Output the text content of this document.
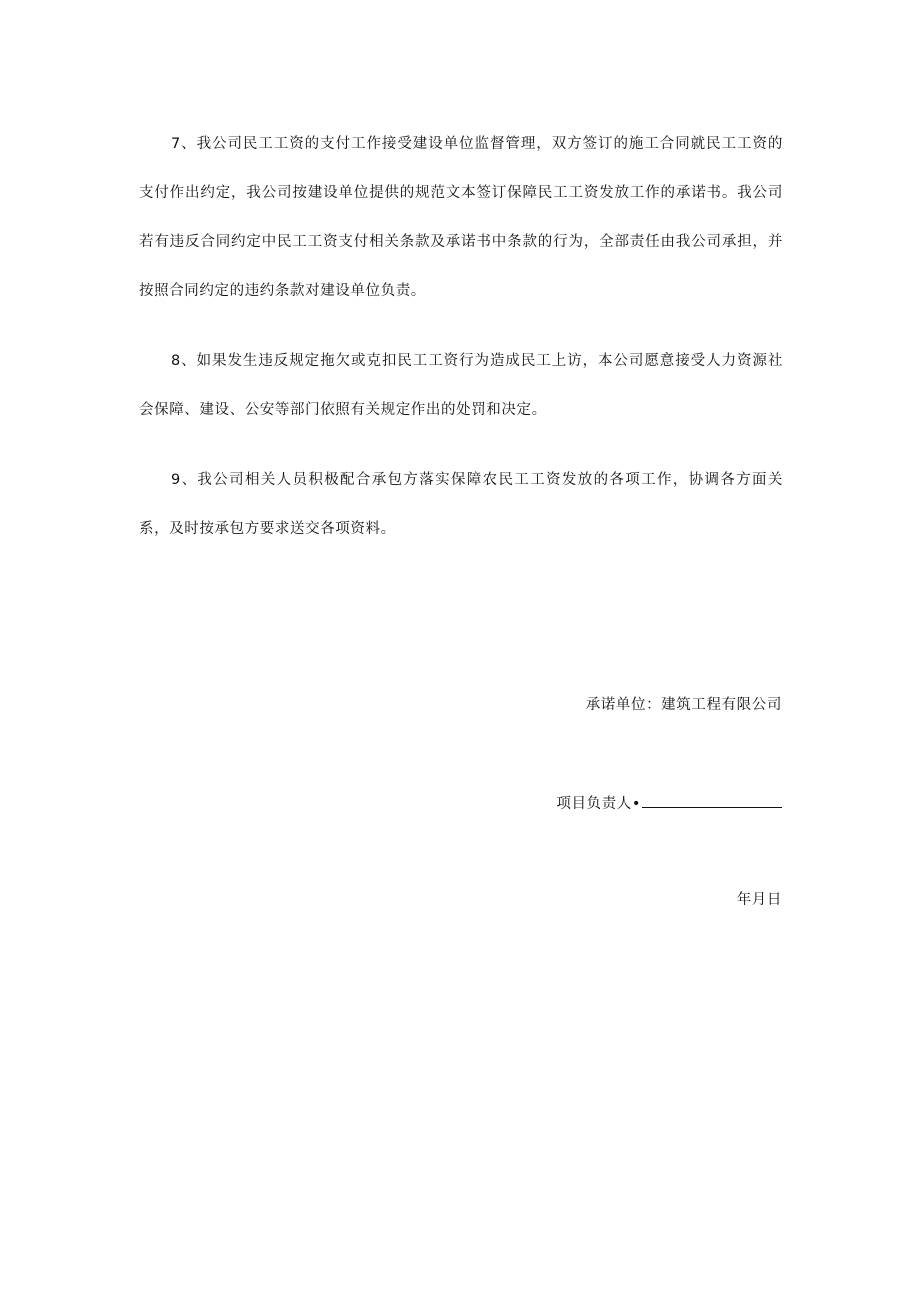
7、我公司民工工资的支付工作接受建设单位监督管理，双方签订的施工合同就民工工资的支付作出约定，我公司按建设单位提供的规范文本签订保障民工工资发放工作的承诺书。我公司若有违反合同约定中民工工资支付相关条款及承诺书中条款的行为，全部责任由我公司承担，并按照合同约定的违约条款对建设单位负责。

8、如果发生违反规定拖欠或克扣民工工资行为造成民工上访，本公司愿意接受人力资源社会保障、建设、公安等部门依照有关规定作出的处罚和决定。

9、我公司相关人员积极配合承包方落实保障农民工工资发放的各项工作，协调各方面关系，及时按承包方要求送交各项资料。

承诺单位：建筑工程有限公司
项目负责人•
年月日
